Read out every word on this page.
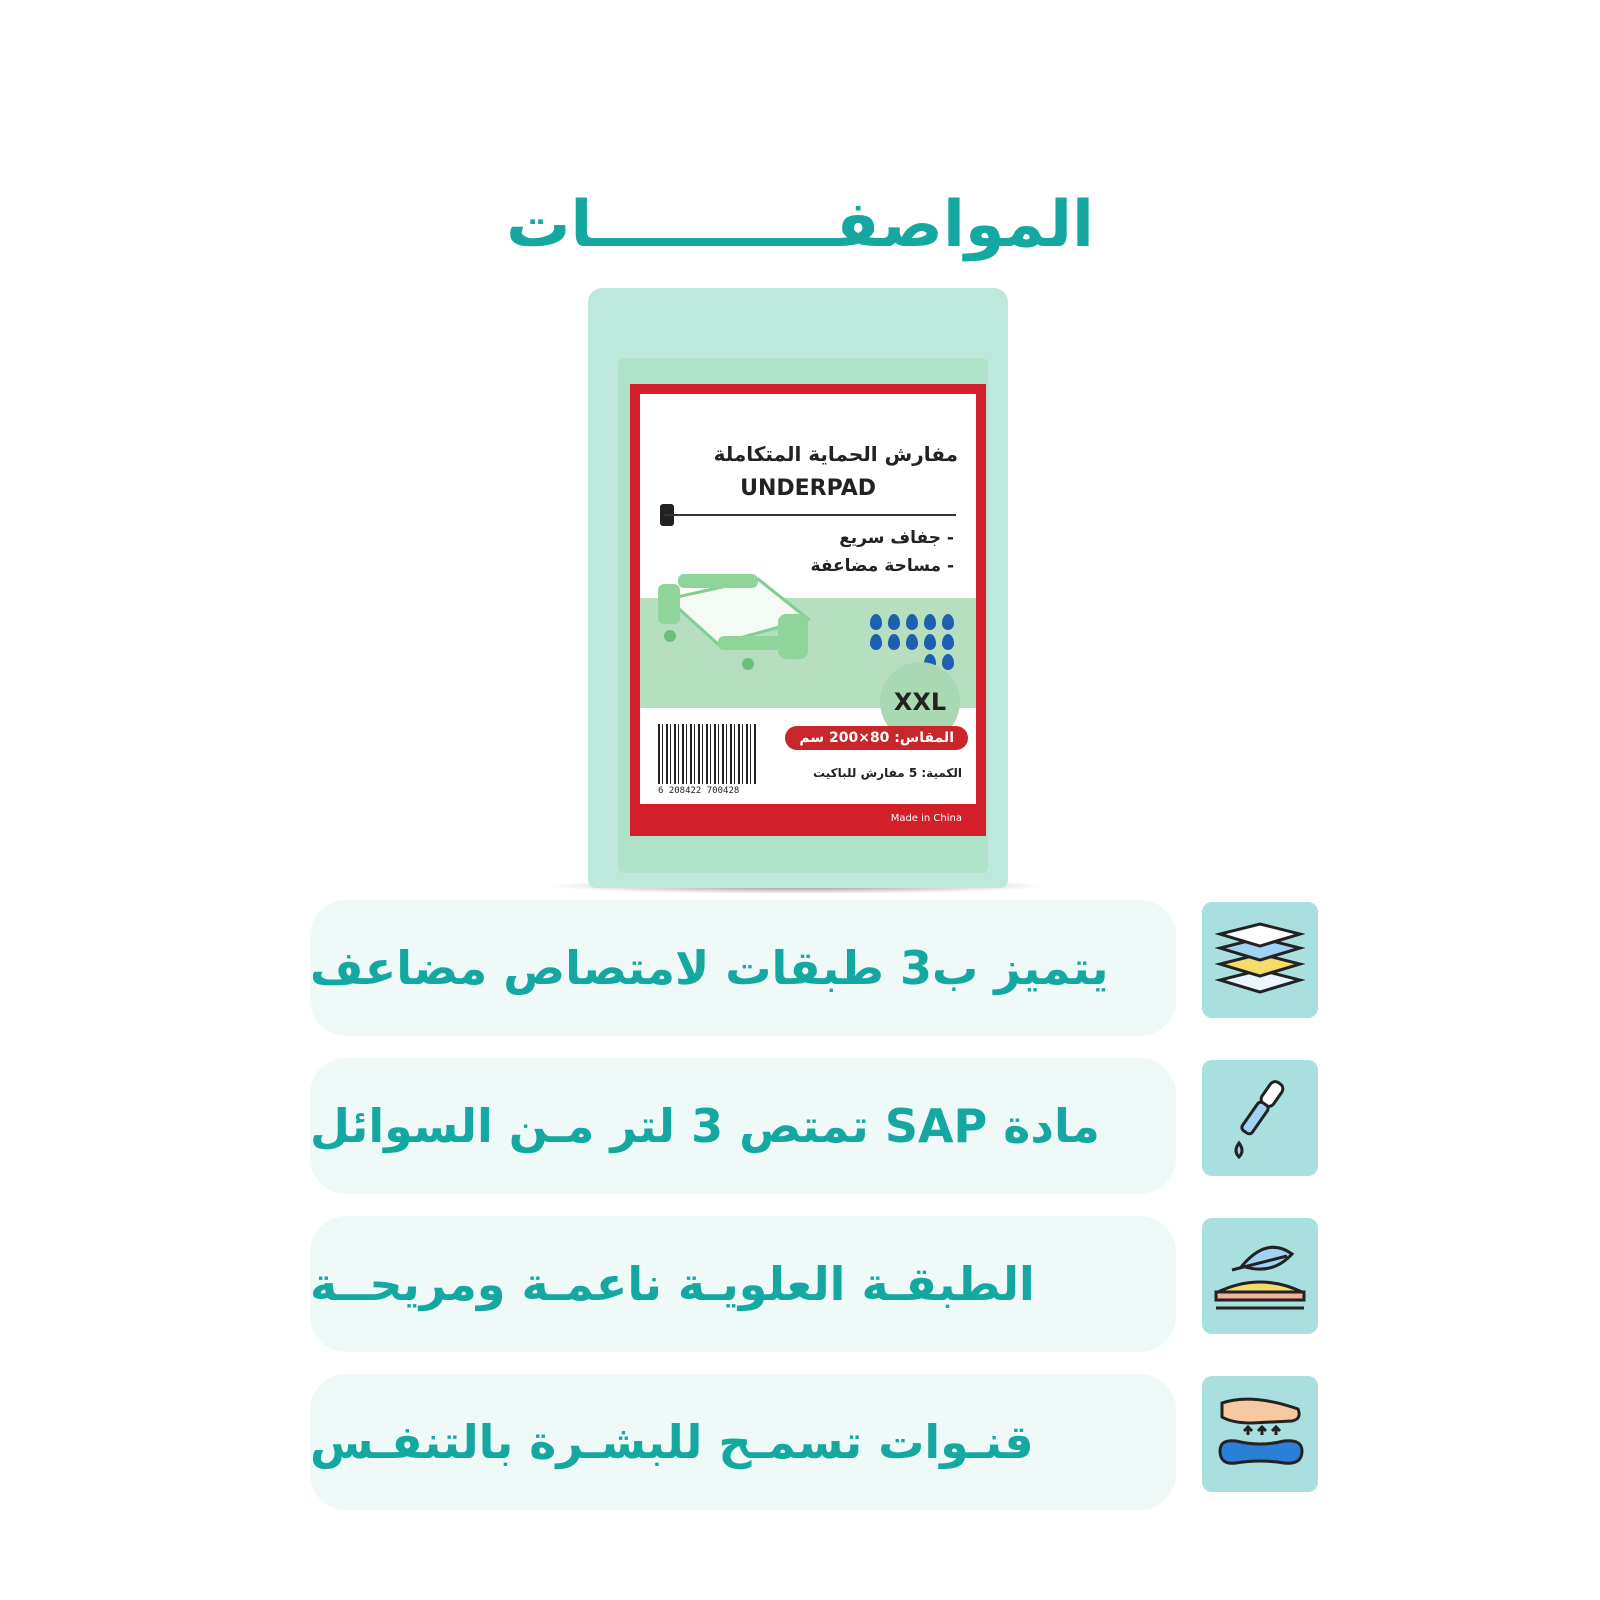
المواصفـــــــــــات
مفارش الحماية المتكاملة
UNDERPAD
- جفاف سريع
- مساحة مضاعفة
XXL
6 208422 700428
المقاس: 80×200 سم
الكمية: 5 مفارش للباكيت
Made in China
يتميز ب3 طبقات لامتصاص مضاعف
مادة SAP تمتص 3 لتر مـن السوائل
الطبقـة العلويـة ناعمـة ومريحــة
قنـوات تسمـح للبشـرة بالتنفـس
